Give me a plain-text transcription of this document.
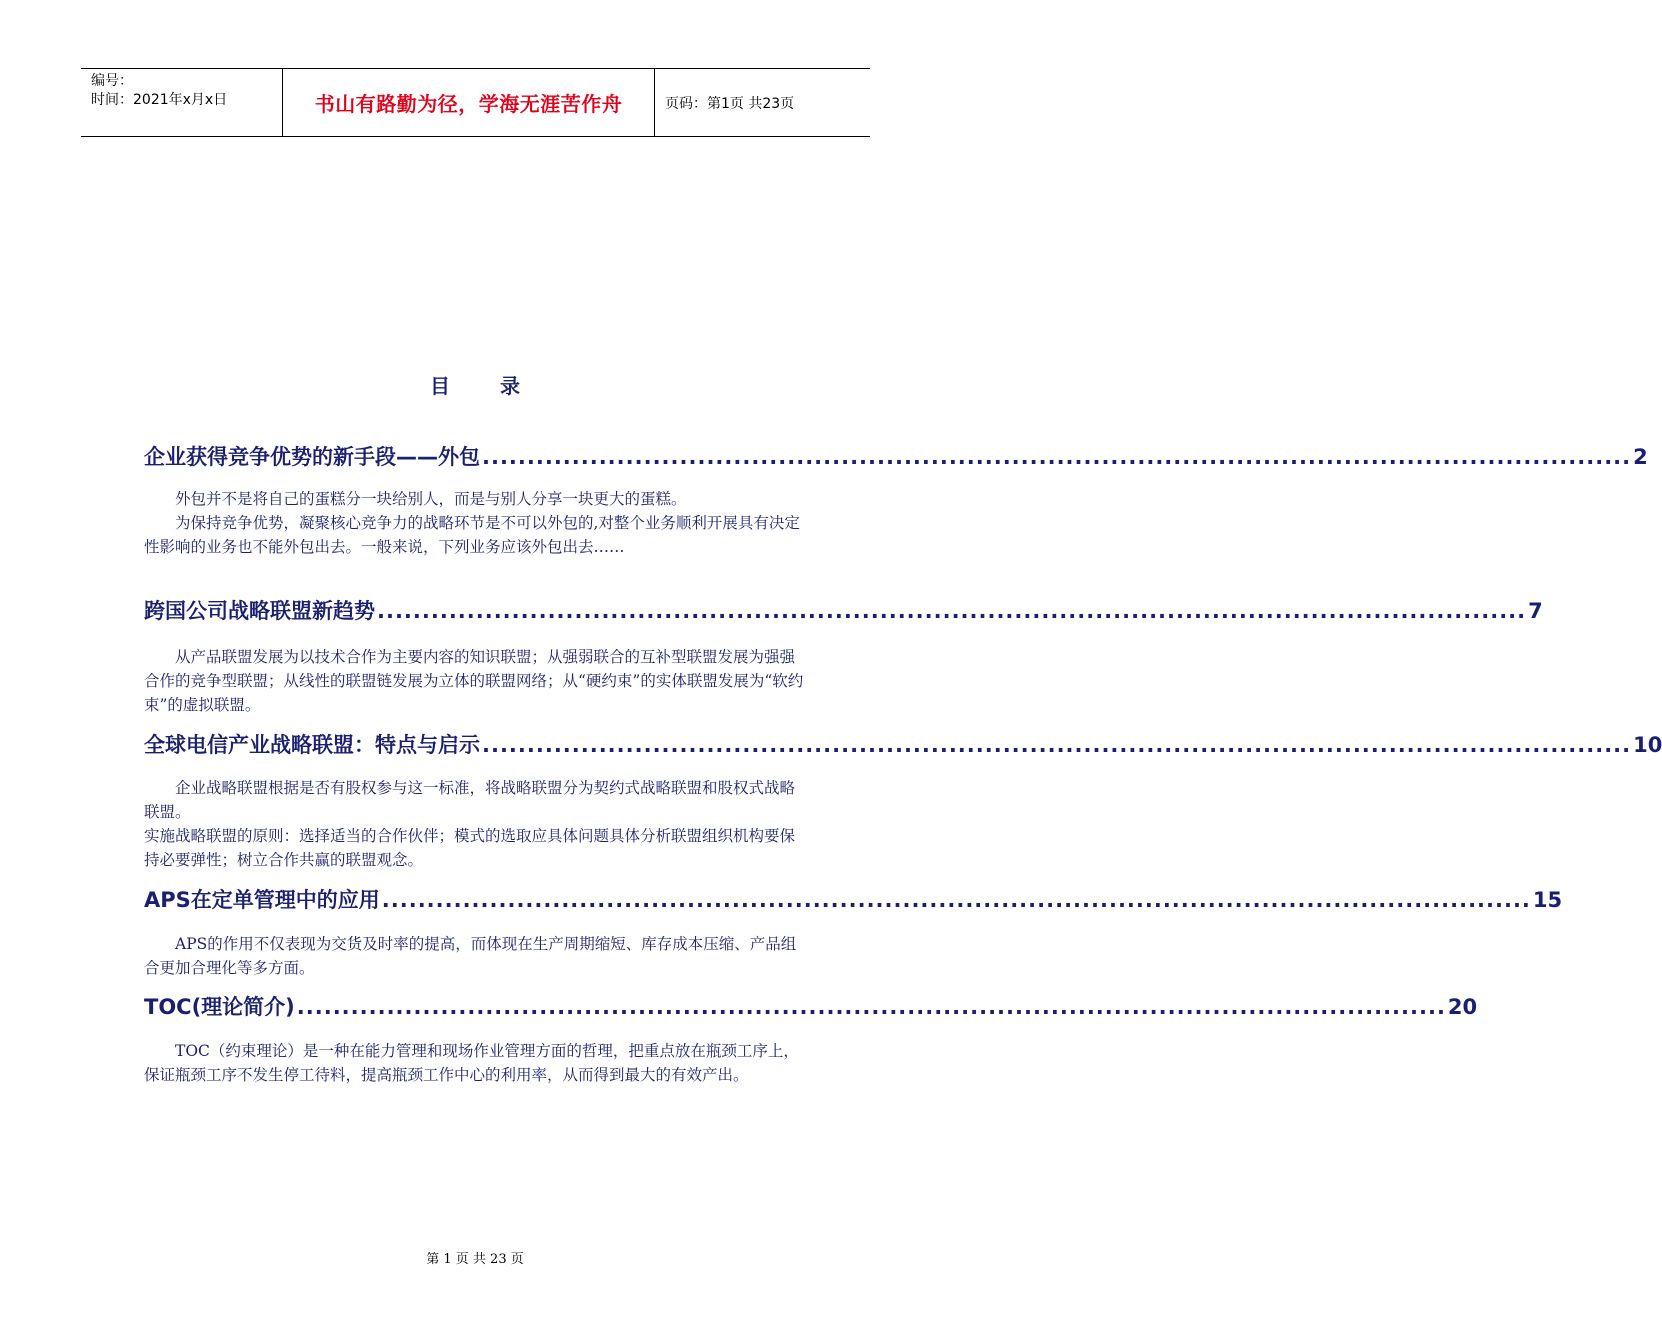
编号：
时间：2021年x月x日	书山有路勤为径，学海无涯苦作舟	页码：第1页 共23页
目录
企业获得竞争优势的新手段——外包 ................................................................................................................................ 2

外包并不是将自己的蛋糕分一块给别人，而是与别人分享一块更大的蛋糕。

为保持竞争优势，凝聚核心竞争力的战略环节是不可以外包的,对整个业务顺利开展具有决定性影响的业务也不能外包出去。一般来说，下列业务应该外包出去……

跨国公司战略联盟新趋势 ................................................................................................................................ 7

从产品联盟发展为以技术合作为主要内容的知识联盟；从强弱联合的互补型联盟发展为强强合作的竞争型联盟；从线性的联盟链发展为立体的联盟网络；从“硬约束”的实体联盟发展为“软约束”的虚拟联盟。

全球电信产业战略联盟：特点与启示 ................................................................................................................................ 10

企业战略联盟根据是否有股权参与这一标准，将战略联盟分为契约式战略联盟和股权式战略联盟。

实施战略联盟的原则：选择适当的合作伙伴；模式的选取应具体问题具体分析联盟组织机构要保持必要弹性；树立合作共赢的联盟观念。

APS在定单管理中的应用 ................................................................................................................................ 15

APS的作用不仅表现为交货及时率的提高，而体现在生产周期缩短、库存成本压缩、产品组合更加合理化等多方面。

TOC(理论简介) ................................................................................................................................ 20

TOC（约束理论）是一种在能力管理和现场作业管理方面的哲理，把重点放在瓶颈工序上，保证瓶颈工序不发生停工待料，提高瓶颈工作中心的利用率，从而得到最大的有效产出。

第 1 页 共 23 页
